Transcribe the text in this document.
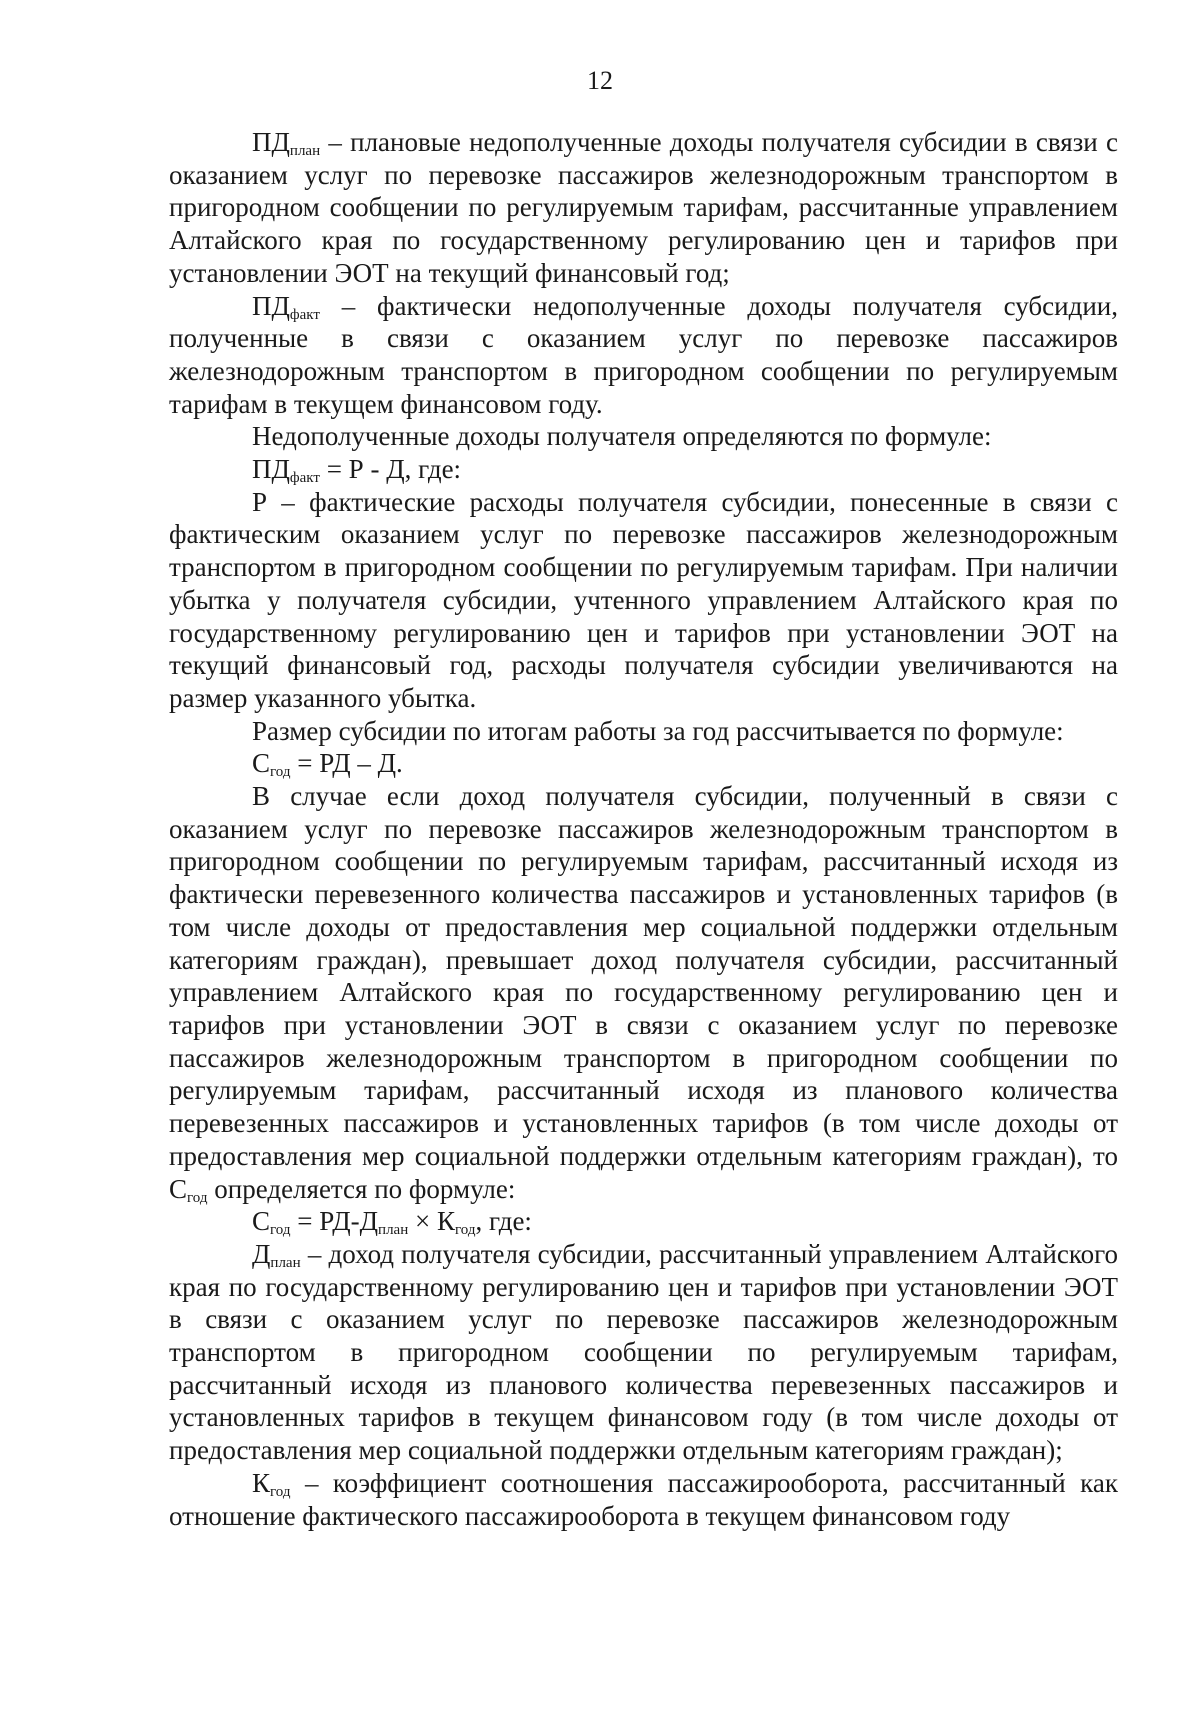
12

$ПД_{план}$ – плановые недополученные доходы получателя субсидии в связи с оказанием услуг по перевозке пассажиров железнодорожным транспортом в пригородном сообщении по регулируемым тарифам, рассчитанные управлением Алтайского края по государственному регулированию цен и тарифов при установлении ЭОТ на текущий финансовый год;

$ПД_{факт}$ – фактически недополученные доходы получателя субсидии, полученные в связи с оказанием услуг по перевозке пассажиров железнодорожным транспортом в пригородном сообщении по регулируемым тарифам в текущем финансовом году.

Недополученные доходы получателя определяются по формуле:

$ПД_{факт} = Р - Д$, где:

Р – фактические расходы получателя субсидии, понесенные в связи с фактическим оказанием услуг по перевозке пассажиров железнодорожным транспортом в пригородном сообщении по регулируемым тарифам. При наличии убытка у получателя субсидии, учтенного управлением Алтайского края по государственному регулированию цен и тарифов при установлении ЭОТ на текущий финансовый год, расходы получателя субсидии увеличиваются на размер указанного убытка.

Размер субсидии по итогам работы за год рассчитывается по формуле:

$С_{год}$ = РД – Д.

В случае если доход получателя субсидии, полученный в связи с оказанием услуг по перевозке пассажиров железнодорожным транспортом в пригородном сообщении по регулируемым тарифам, рассчитанный исходя из фактически перевезенного количества пассажиров и установленных тарифов (в том числе доходы от предоставления мер социальной поддержки отдельным категориям граждан), превышает доход получателя субсидии, рассчитанный управлением Алтайского края по государственному регулированию цен и тарифов при установлении ЭОТ в связи с оказанием услуг по перевозке пассажиров железнодорожным транспортом в пригородном сообщении по регулируемым тарифам, рассчитанный исходя из планового количества перевезенных пассажиров и установленных тарифов (в том числе доходы от предоставления мер социальной поддержки отдельным категориям граждан), то $С_{год}$ определяется по формуле:

$С_{год} = РД-Д_{план} \times К_{год}$, где:

$Д_{план}$ – доход получателя субсидии, рассчитанный управлением Алтайского края по государственному регулированию цен и тарифов при установлении ЭОТ в связи с оказанием услуг по перевозке пассажиров железнодорожным транспортом в пригородном сообщении по регулируемым тарифам, рассчитанный исходя из планового количества перевезенных пассажиров и установленных тарифов в текущем финансовом году (в том числе доходы от предоставления мер социальной поддержки отдельным категориям граждан);

$К_{год}$ – коэффициент соотношения пассажирооборота, рассчитанный как отношение фактического пассажирооборота в текущем финансовом году
